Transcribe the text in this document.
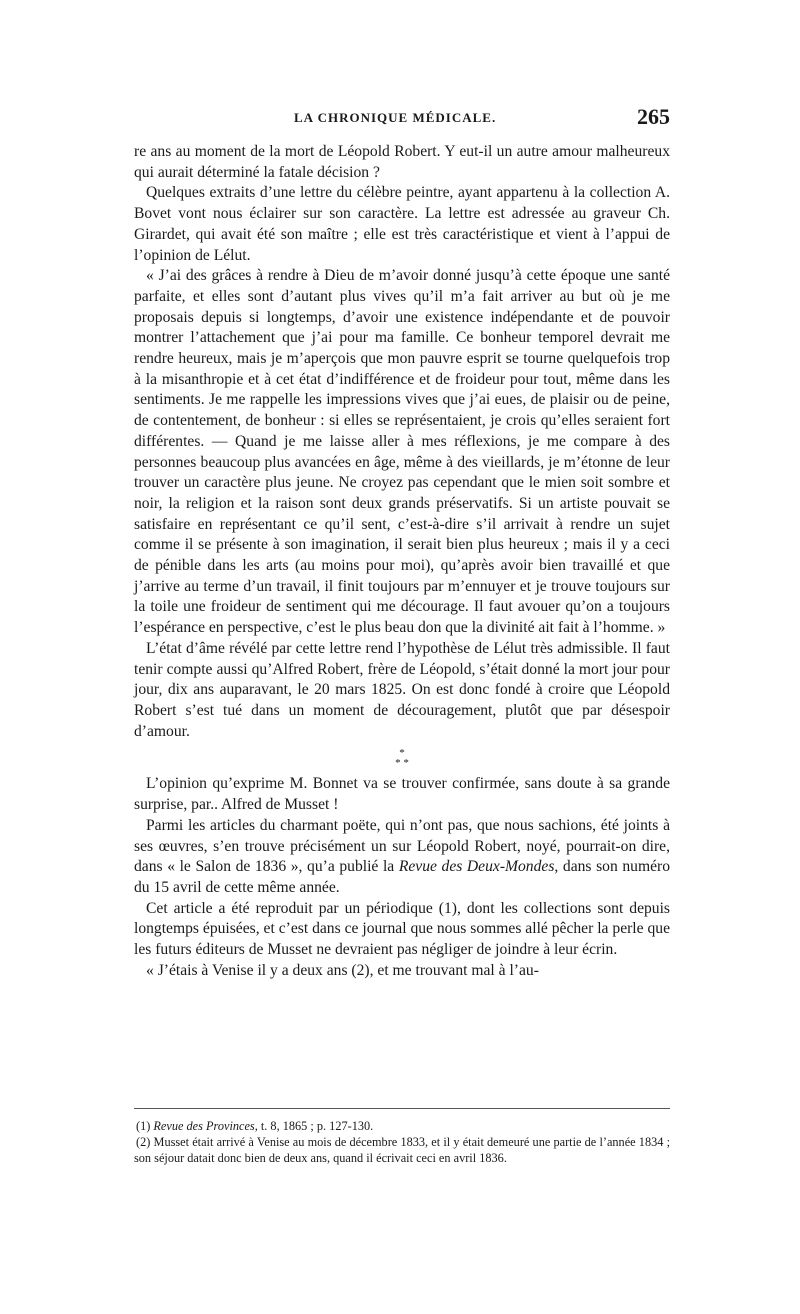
LA CHRONIQUE MÉDICALE.	265

re ans au moment de la mort de Léopold Robert. Y eut-il un autre amour malheureux qui aurait déterminé la fatale décision ?

Quelques extraits d’une lettre du célèbre peintre, ayant appartenu à la collection A. Bovet vont nous éclairer sur son caractère. La lettre est adressée au graveur Ch. Girardet, qui avait été son maître ; elle est très caractéristique et vient à l’appui de l’opinion de Lélut.

« J’ai des grâces à rendre à Dieu de m’avoir donné jusqu’à cette époque une santé parfaite, et elles sont d’autant plus vives qu’il m’a fait arriver au but où je me proposais depuis si longtemps, d’avoir une existence indépendante et de pouvoir montrer l’attachement que j’ai pour ma famille. Ce bonheur temporel devrait me rendre heureux, mais je m’aperçois que mon pauvre esprit se tourne quelquefois trop à la misanthropie et à cet état d’indifférence et de froideur pour tout, même dans les sentiments. Je me rappelle les impressions vives que j’ai eues, de plaisir ou de peine, de contentement, de bonheur : si elles se représentaient, je crois qu’elles seraient fort différentes. — Quand je me laisse aller à mes réflexions, je me compare à des personnes beaucoup plus avancées en âge, même à des vieillards, je m’étonne de leur trouver un caractère plus jeune. Ne croyez pas cependant que le mien soit sombre et noir, la religion et la raison sont deux grands préservatifs. Si un artiste pouvait se satisfaire en représentant ce qu’il sent, c’est-à-dire s’il arrivait à rendre un sujet comme il se présente à son imagination, il serait bien plus heureux ; mais il y a ceci de pénible dans les arts (au moins pour moi), qu’après avoir bien travaillé et que j’arrive au terme d’un travail, il finit toujours par m’ennuyer et je trouve toujours sur la toile une froideur de sentiment qui me décourage. Il faut avouer qu’on a toujours l’espérance en perspective, c’est le plus beau don que la divinité ait fait à l’homme. »

L’état d’âme révélé par cette lettre rend l’hypothèse de Lélut très admissible. Il faut tenir compte aussi qu’Alfred Robert, frère de Léopold, s’était donné la mort jour pour jour, dix ans auparavant, le 20 mars 1825. On est donc fondé à croire que Léopold Robert s’est tué dans un moment de découragement, plutôt que par désespoir d’amour.

*
* *

L’opinion qu’exprime M. Bonnet va se trouver confirmée, sans doute à sa grande surprise, par.. Alfred de Musset !

Parmi les articles du charmant poëte, qui n’ont pas, que nous sachions, été joints à ses œuvres, s’en trouve précisément un sur Léopold Robert, noyé, pourrait-on dire, dans « le Salon de 1836 », qu’a publié la Revue des Deux-Mondes, dans son numéro du 15 avril de cette même année.

Cet article a été reproduit par un périodique (1), dont les collections sont depuis longtemps épuisées, et c’est dans ce journal que nous sommes allé pêcher la perle que les futurs éditeurs de Musset ne devraient pas négliger de joindre à leur écrin.

« J’étais à Venise il y a deux ans (2), et me trouvant mal à l’au-

(1) Revue des Provinces, t. 8, 1865 ; p. 127-130.

(2) Musset était arrivé à Venise au mois de décembre 1833, et il y était demeuré une partie de l’année 1834 ; son séjour datait donc bien de deux ans, quand il écrivait ceci en avril 1836.
